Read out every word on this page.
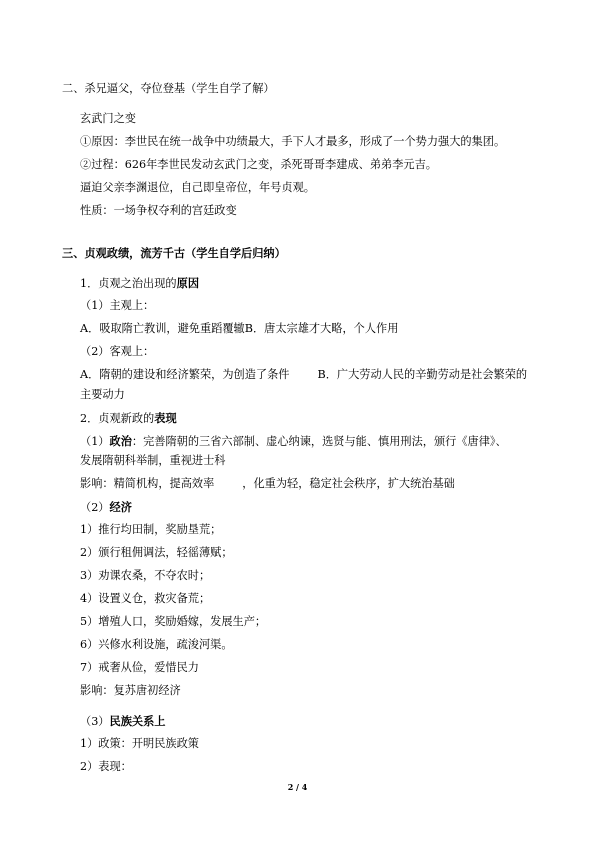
二、杀兄逼父，夺位登基（学生自学了解）
玄武门之变
①原因：李世民在统一战争中功绩最大，手下人才最多，形成了一个势力强大的集团。
②过程：626年李世民发动玄武门之变，杀死哥哥李建成、弟弟李元吉。
逼迫父亲李渊退位，自己即皇帝位，年号贞观。
性质：一场争权夺利的宫廷政变
三、贞观政绩，流芳千古（学生自学后归纳）
1．贞观之治出现的原因
（1）主观上：
A．吸取隋亡教训，避免重蹈覆辙B．唐太宗雄才大略，个人作用
（2）客观上：
A．隋朝的建设和经济繁荣，为创造了条件	B．广大劳动人民的辛勤劳动是社会繁荣的
主要动力
2．贞观新政的表现
（1）政治：完善隋朝的三省六部制、虚心纳谏，选贤与能、慎用刑法，颁行《唐律》、
发展隋朝科举制，重视进士科
影响：精简机构，提高效率	，化重为轻，稳定社会秩序，扩大统治基础
（2）经济
1）推行均田制，奖励垦荒；
2）颁行租佣调法，轻徭薄赋；
3）劝课农桑，不夺农时；
4）设置义仓，救灾备荒；
5）增殖人口，奖励婚嫁，发展生产；
6）兴修水利设施，疏浚河渠。
7）戒奢从俭，爱惜民力
影响：复苏唐初经济
（3）民族关系上
1）政策：开明民族政策
2）表现：
2 / 4
